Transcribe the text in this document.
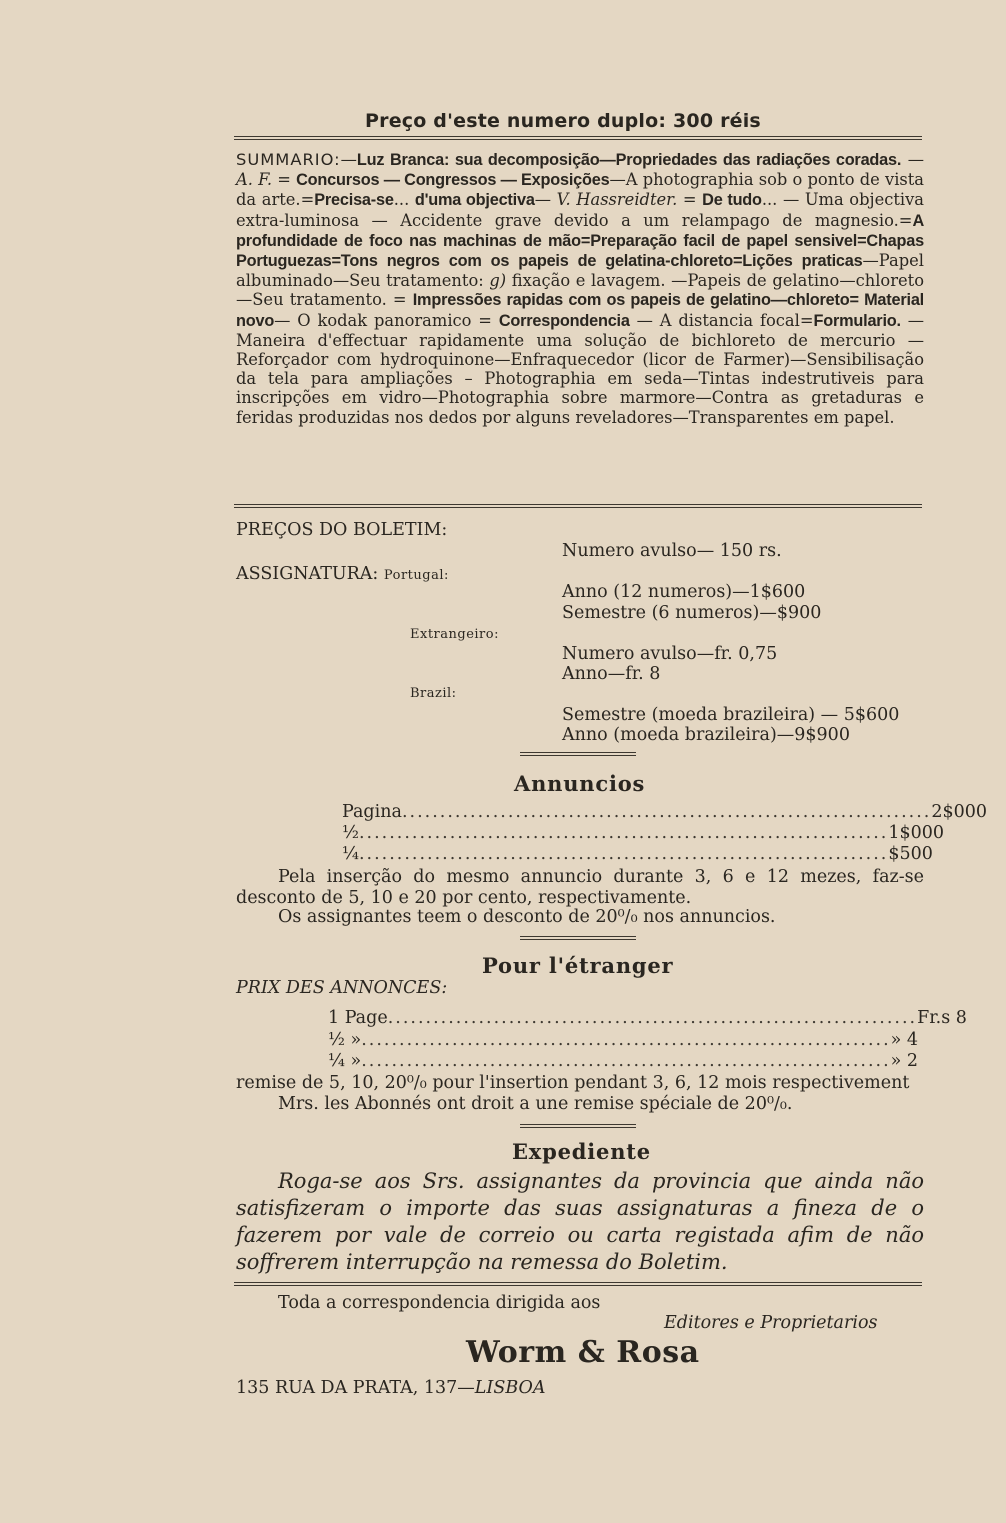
Preço d'este numero duplo: 300 réis
SUMMARIO:—Luz Branca: sua decomposição—Propriedades das radiações coradas. — A. F. = Concursos — Congressos — Exposições—A photographia sob o ponto de vista da arte.=Precisa-se... d'uma objectiva— V. Hassreidter. = De tudo... — Uma objectiva extra-luminosa — Accidente grave devido a um relampago de magnesio.=A profundidade de foco nas machinas de mão=Preparação facil de papel sensivel=Chapas Portuguezas=Tons negros com os papeis de gelatina-chloreto=Lições praticas—Papel albuminado—Seu tratamento: g) fixação e lavagem. —Papeis de gelatino—chloreto—Seu tratamento. = Impressões rapidas com os papeis de gelatino—chloreto= Material novo— O kodak panoramico = Correspondencia — A distancia focal=Formulario. — Maneira d'effectuar rapidamente uma solução de bichloreto de mercurio — Reforçador com hydroquinone—Enfraquecedor (licor de Farmer)—Sensibilisação da tela para ampliações – Photographia em seda—Tintas indestrutiveis para inscripções em vidro—Photographia sobre marmore—Contra as gretaduras e feridas produzidas nos dedos por alguns reveladores—Transparentes em papel.
PREÇOS DO BOLETIM:
Numero avulso— 150 rs.
ASSIGNATURA: Portugal:
Anno (12 numeros)—1$600
Semestre (6 numeros)—$900
Extrangeiro:
Numero avulso—fr. 0,75
Anno—fr. 8
Brazil:
Semestre (moeda brazileira) — 5$600
Anno (moeda brazileira)—9$900
Annuncios
Pagina ...................................................................... 2$000
½ ...................................................................... 1$000
¼ ...................................................................... $500
Pela inserção do mesmo annuncio durante 3, 6 e 12 mezes, faz-se desconto de 5, 10 e 20 por cento, respectivamente.
Os assignantes teem o desconto de 20⁰/₀ nos annuncios.
Pour l'étranger
PRIX DES ANNONCES:
1 Page ...................................................................... Fr.s 8
½ » ...................................................................... » 4
¼ » ...................................................................... » 2
remise de 5, 10, 20⁰/₀ pour l'insertion pendant 3, 6, 12 mois respectivement
Mrs. les Abonnés ont droit a une remise spéciale de 20⁰/₀.
Expediente
Roga-se aos Srs. assignantes da provincia que ainda não satisfizeram o importe das suas assignaturas a fineza de o fazerem por vale de correio ou carta registada afim de não soffrerem interrupção na remessa do Boletim.
Toda a correspondencia dirigida aos
Editores e Proprietarios
Worm & Rosa
135 RUA DA PRATA, 137—LISBOA
